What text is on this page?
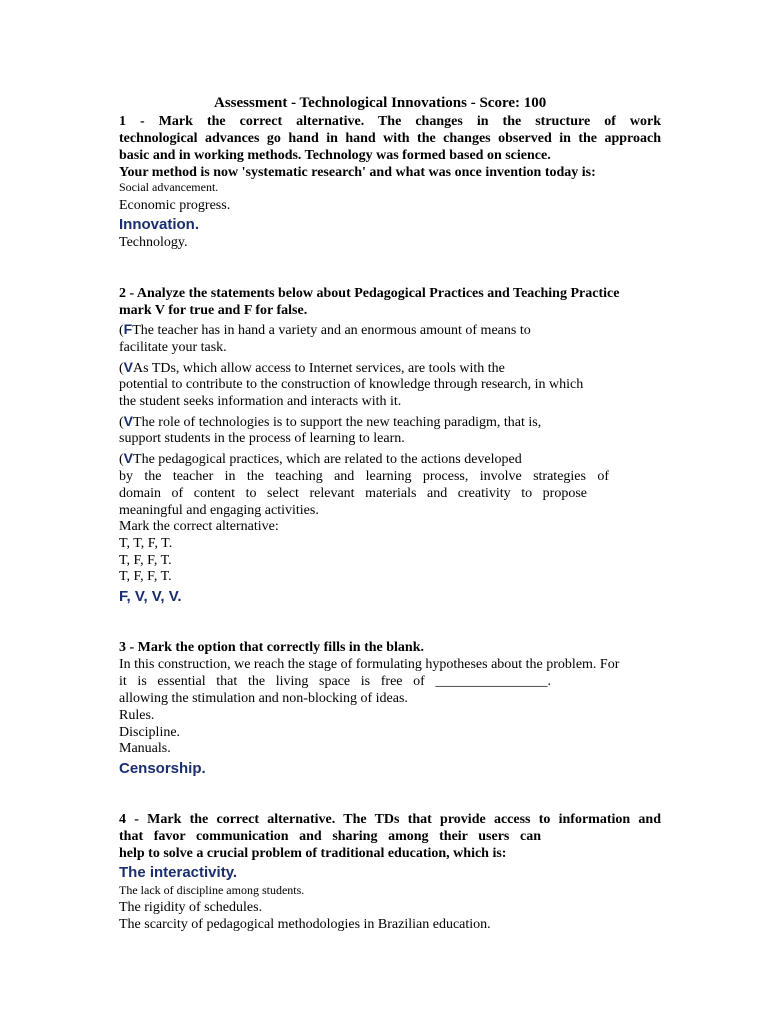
Assessment - Technological Innovations - Score: 100
1 - Mark the correct alternative. The changes in the structure of work
technological advances go hand in hand with the changes observed in the approach
basic and in working methods. Technology was formed based on science.
Your method is now 'systematic research' and what was once invention today is:
Social advancement.
Economic progress.
Innovation.
Technology.
2 - Analyze the statements below about Pedagogical Practices and Teaching Practice
mark V for true and F for false.
(FThe teacher has in hand a variety and an enormous amount of means to
facilitate your task.
(VAs TDs, which allow access to Internet services, are tools with the
potential to contribute to the construction of knowledge through research, in which
the student seeks information and interacts with it.
(VThe role of technologies is to support the new teaching paradigm, that is,
support students in the process of learning to learn.
(VThe pedagogical practices, which are related to the actions developed
by the teacher in the teaching and learning process, involve strategies of
domain of content to select relevant materials and creativity to propose
meaningful and engaging activities.
Mark the correct alternative:
T, T, F, T.
T, F, F, T.
T, F, F, T.
F, V, V, V.
3 - Mark the option that correctly fills in the blank.
In this construction, we reach the stage of formulating hypotheses about the problem. For
it is essential that the living space is free of ________________.
allowing the stimulation and non-blocking of ideas.
Rules.
Discipline.
Manuals.
Censorship.
4 - Mark the correct alternative. The TDs that provide access to information and
that favor communication and sharing among their users can
help to solve a crucial problem of traditional education, which is:
The interactivity.
The lack of discipline among students.
The rigidity of schedules.
The scarcity of pedagogical methodologies in Brazilian education.
